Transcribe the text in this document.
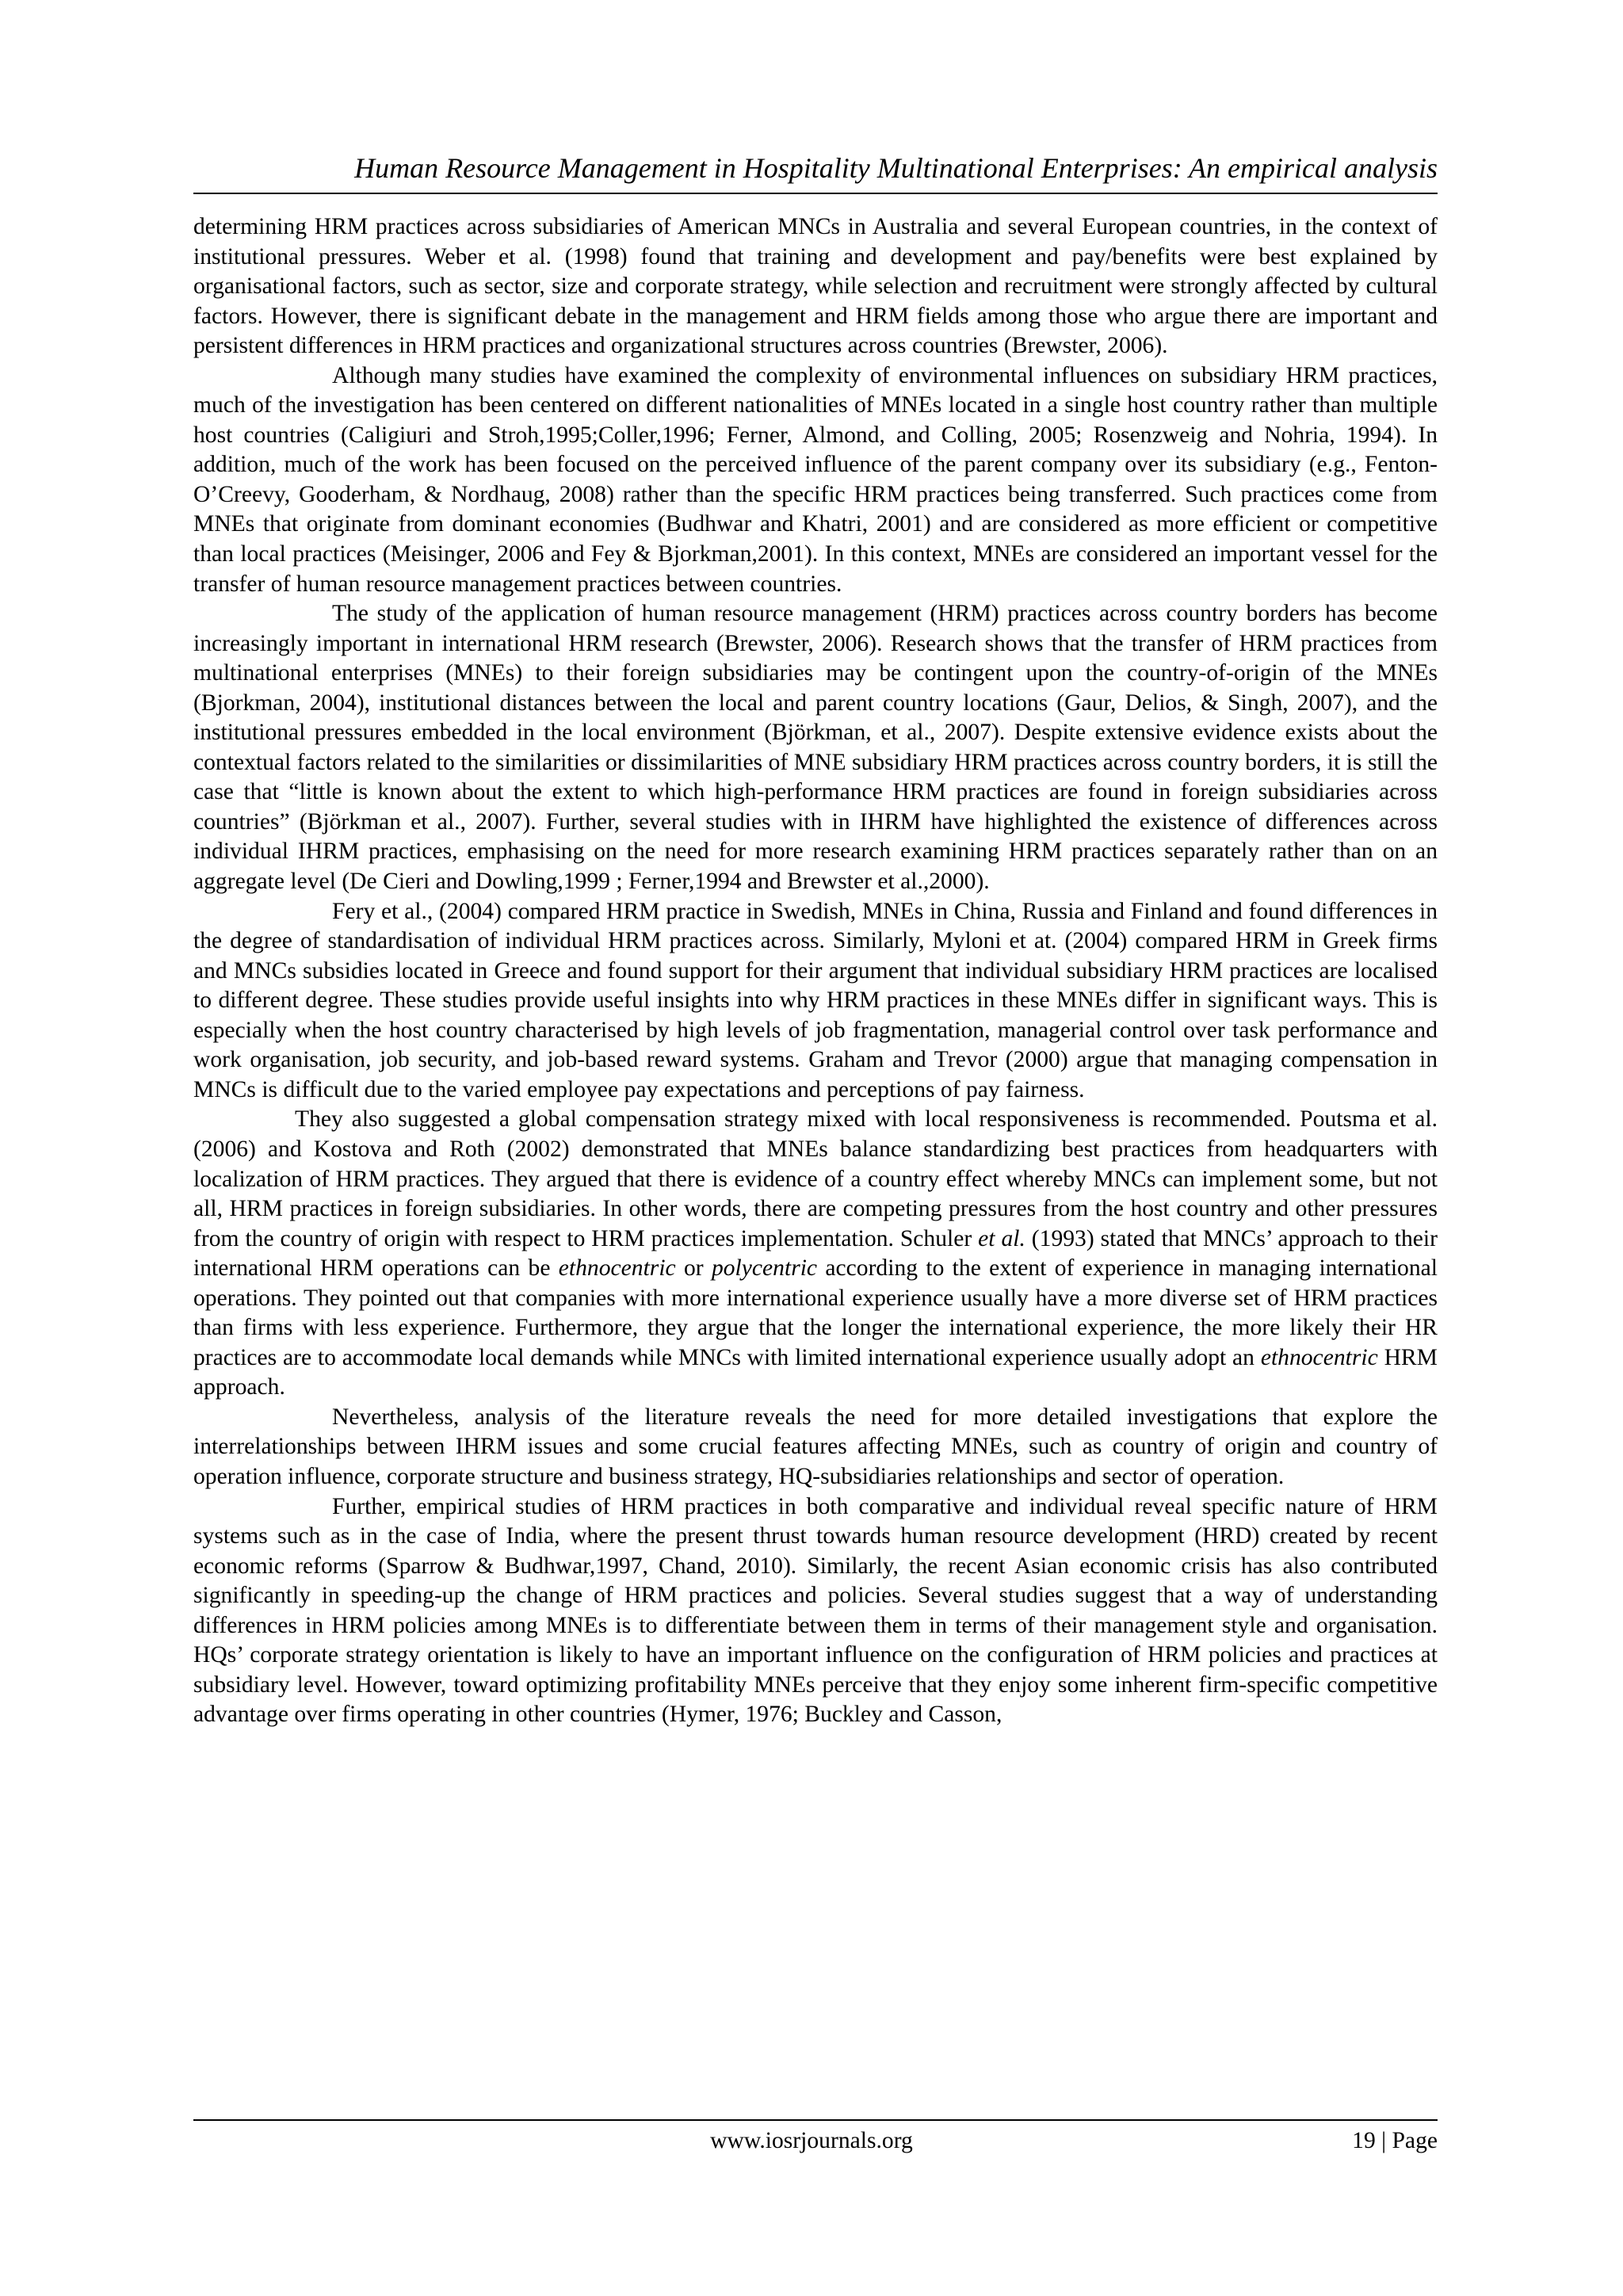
Human Resource Management in Hospitality Multinational Enterprises: An empirical analysis

determining HRM practices across subsidiaries of American MNCs in Australia and several European countries, in the context of institutional pressures. Weber et al. (1998) found that training and development and pay/benefits were best explained by organisational factors, such as sector, size and corporate strategy, while selection and recruitment were strongly affected by cultural factors. However, there is significant debate in the management and HRM fields among those who argue there are important and persistent differences in HRM practices and organizational structures across countries (Brewster, 2006).

Although many studies have examined the complexity of environmental influences on subsidiary HRM practices, much of the investigation has been centered on different nationalities of MNEs located in a single host country rather than multiple host countries (Caligiuri and Stroh,1995;Coller,1996; Ferner, Almond, and Colling, 2005; Rosenzweig and Nohria, 1994). In addition, much of the work has been focused on the perceived influence of the parent company over its subsidiary (e.g., Fenton-O’Creevy, Gooderham, & Nordhaug, 2008) rather than the specific HRM practices being transferred. Such practices come from MNEs that originate from dominant economies (Budhwar and Khatri, 2001) and are considered as more efficient or competitive than local practices (Meisinger, 2006 and Fey & Bjorkman,2001). In this context, MNEs are considered an important vessel for the transfer of human resource management practices between countries.

The study of the application of human resource management (HRM) practices across country borders has become increasingly important in international HRM research (Brewster, 2006). Research shows that the transfer of HRM practices from multinational enterprises (MNEs) to their foreign subsidiaries may be contingent upon the country-of-origin of the MNEs (Bjorkman, 2004), institutional distances between the local and parent country locations (Gaur, Delios, & Singh, 2007), and the institutional pressures embedded in the local environment (Björkman, et al., 2007). Despite extensive evidence exists about the contextual factors related to the similarities or dissimilarities of MNE subsidiary HRM practices across country borders, it is still the case that “little is known about the extent to which high-performance HRM practices are found in foreign subsidiaries across countries” (Björkman et al., 2007). Further, several studies with in IHRM have highlighted the existence of differences across individual IHRM practices, emphasising on the need for more research examining HRM practices separately rather than on an aggregate level (De Cieri and Dowling,1999 ; Ferner,1994 and Brewster et al.,2000).

Fery et al., (2004) compared HRM practice in Swedish, MNEs in China, Russia and Finland and found differences in the degree of standardisation of individual HRM practices across. Similarly, Myloni et at. (2004) compared HRM in Greek firms and MNCs subsidies located in Greece and found support for their argument that individual subsidiary HRM practices are localised to different degree. These studies provide useful insights into why HRM practices in these MNEs differ in significant ways. This is especially when the host country characterised by high levels of job fragmentation, managerial control over task performance and work organisation, job security, and job-based reward systems. Graham and Trevor (2000) argue that managing compensation in MNCs is difficult due to the varied employee pay expectations and perceptions of pay fairness.

They also suggested a global compensation strategy mixed with local responsiveness is recommended. Poutsma et al. (2006) and Kostova and Roth (2002) demonstrated that MNEs balance standardizing best practices from headquarters with localization of HRM practices. They argued that there is evidence of a country effect whereby MNCs can implement some, but not all, HRM practices in foreign subsidiaries. In other words, there are competing pressures from the host country and other pressures from the country of origin with respect to HRM practices implementation. Schuler et al. (1993) stated that MNCs’ approach to their international HRM operations can be ethnocentric or polycentric according to the extent of experience in managing international operations. They pointed out that companies with more international experience usually have a more diverse set of HRM practices than firms with less experience. Furthermore, they argue that the longer the international experience, the more likely their HR practices are to accommodate local demands while MNCs with limited international experience usually adopt an ethnocentric HRM approach.

Nevertheless, analysis of the literature reveals the need for more detailed investigations that explore the interrelationships between IHRM issues and some crucial features affecting MNEs, such as country of origin and country of operation influence, corporate structure and business strategy, HQ-subsidiaries relationships and sector of operation.

Further, empirical studies of HRM practices in both comparative and individual reveal specific nature of HRM systems such as in the case of India, where the present thrust towards human resource development (HRD) created by recent economic reforms (Sparrow & Budhwar,1997, Chand, 2010). Similarly, the recent Asian economic crisis has also contributed significantly in speeding-up the change of HRM practices and policies. Several studies suggest that a way of understanding differences in HRM policies among MNEs is to differentiate between them in terms of their management style and organisation. HQs’ corporate strategy orientation is likely to have an important influence on the configuration of HRM policies and practices at subsidiary level. However, toward optimizing profitability MNEs perceive that they enjoy some inherent firm-specific competitive advantage over firms operating in other countries (Hymer, 1976; Buckley and Casson,

www.iosrjournals.org	19 | Page
